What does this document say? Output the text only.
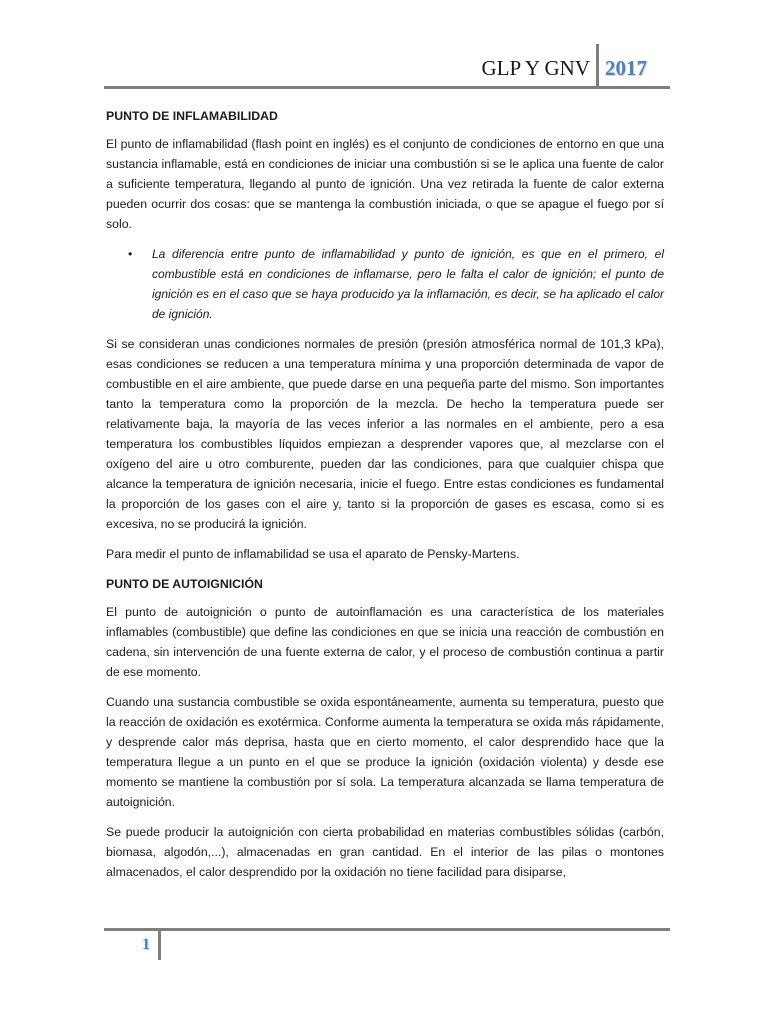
GLP Y GNV 2017
PUNTO DE INFLAMABILIDAD

El punto de inflamabilidad (flash point en inglés) es el conjunto de condiciones de entorno en que una sustancia inflamable, está en condiciones de iniciar una combustión si se le aplica una fuente de calor a suficiente temperatura, llegando al punto de ignición. Una vez retirada la fuente de calor externa pueden ocurrir dos cosas: que se mantenga la combustión iniciada, o que se apague el fuego por sí solo.

• La diferencia entre punto de inflamabilidad y punto de ignición, es que en el primero, el combustible está en condiciones de inflamarse, pero le falta el calor de ignición; el punto de ignición es en el caso que se haya producido ya la inflamación, es decir, se ha aplicado el calor de ignición.

Si se consideran unas condiciones normales de presión (presión atmosférica normal de 101,3 kPa), esas condiciones se reducen a una temperatura mínima y una proporción determinada de vapor de combustible en el aire ambiente, que puede darse en una pequeña parte del mismo. Son importantes tanto la temperatura como la proporción de la mezcla. De hecho la temperatura puede ser relativamente baja, la mayoría de las veces inferior a las normales en el ambiente, pero a esa temperatura los combustibles líquidos empiezan a desprender vapores que, al mezclarse con el oxígeno del aire u otro comburente, pueden dar las condiciones, para que cualquier chispa que alcance la temperatura de ignición necesaria, inicie el fuego. Entre estas condiciones es fundamental la proporción de los gases con el aire y, tanto si la proporción de gases es escasa, como si es excesiva, no se producirá la ignición.

Para medir el punto de inflamabilidad se usa el aparato de Pensky-Martens.

PUNTO DE AUTOIGNICIÓN

El punto de autoignición o punto de autoinflamación es una característica de los materiales inflamables (combustible) que define las condiciones en que se inicia una reacción de combustión en cadena, sin intervención de una fuente externa de calor, y el proceso de combustión continua a partir de ese momento.

Cuando una sustancia combustible se oxida espontáneamente, aumenta su temperatura, puesto que la reacción de oxidación es exotérmica. Conforme aumenta la temperatura se oxida más rápidamente, y desprende calor más deprisa, hasta que en cierto momento, el calor desprendido hace que la temperatura llegue a un punto en el que se produce la ignición (oxidación violenta) y desde ese momento se mantiene la combustión por sí sola. La temperatura alcanzada se llama temperatura de autoignición.

Se puede producir la autoignición con cierta probabilidad en materias combustibles sólidas (carbón, biomasa, algodón,...), almacenadas en gran cantidad. En el interior de las pilas o montones almacenados, el calor desprendido por la oxidación no tiene facilidad para disiparse,

1
